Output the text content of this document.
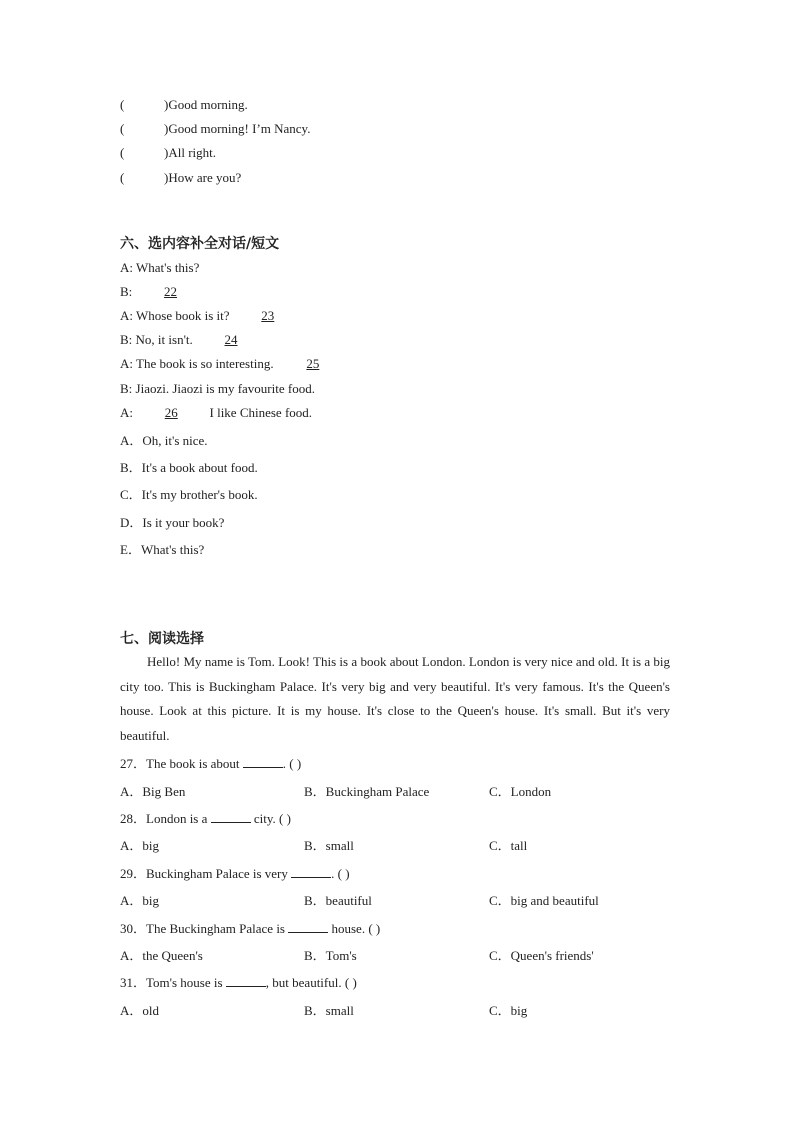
(	)Good morning.
(	)Good morning! I’m Nancy.
(	)All right.
(	)How are you?
六、选内容补全对话/短文
A: What's this?
B: 22
A: Whose book is it? 23
B: No, it isn't. 24
A: The book is so interesting. 25
B: Jiaozi. Jiaozi is my favourite food.
A: 26 I like Chinese food.
A．Oh, it's nice.
B．It's a book about food.
C．It's my brother's book.
D．Is it your book?
E．What's this?
七、阅读选择
Hello! My name is Tom. Look! This is a book about London. London is very nice and old. It is a big city too. This is Buckingham Palace. It's very big and very beautiful. It's very famous. It's the Queen's house. Look at this picture. It is my house. It's close to the Queen's house. It's small. But it's very beautiful.
27．The book is about	. ( )
A．Big Ben	B．Buckingham Palace	C．London
28．London is a	city. ( )
A．big	B．small	C．tall
29．Buckingham Palace is very	. ( )
A．big	B．beautiful	C．big and beautiful
30．The Buckingham Palace is	house. ( )
A．the Queen's	B．Tom's	C．Queen's friends'
31．Tom's house is	, but beautiful. ( )
A．old	B．small	C．big
